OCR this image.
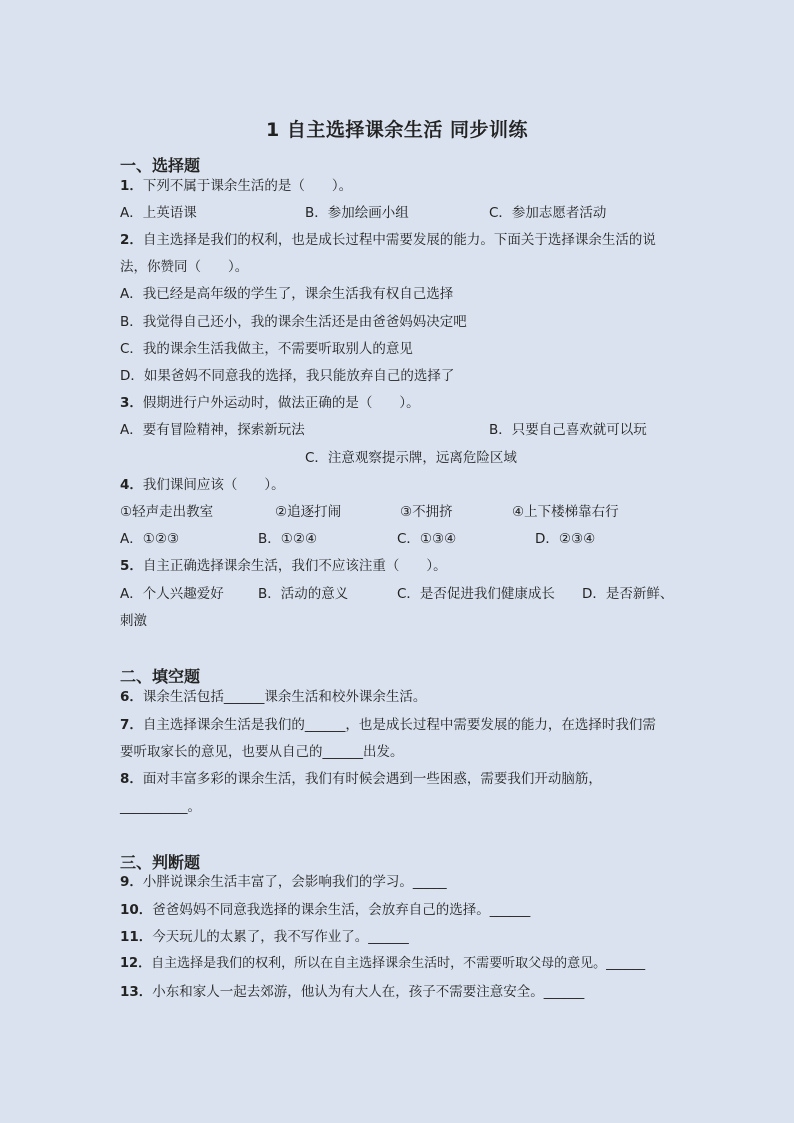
1 自主选择课余生活 同步训练
一、选择题
1．下列不属于课余生活的是（　　）。
A．上英语课	B．参加绘画小组	C．参加志愿者活动
2．自主选择是我们的权利，也是成长过程中需要发展的能力。下面关于选择课余生活的说
法，你赞同（　　）。
A．我已经是高年级的学生了，课余生活我有权自己选择
B．我觉得自己还小，我的课余生活还是由爸爸妈妈决定吧
C．我的课余生活我做主，不需要听取别人的意见
D．如果爸妈不同意我的选择，我只能放弃自己的选择了
3．假期进行户外运动时，做法正确的是（　　）。
A．要有冒险精神，探索新玩法	B．只要自己喜欢就可以玩
C．注意观察提示牌，远离危险区域
4．我们课间应该（　　）。
①轻声走出教室	②追逐打闹	③不拥挤	④上下楼梯靠右行
A．①②③	B．①②④	C．①③④	D．②③④
5．自主正确选择课余生活，我们不应该注重（　　）。
A．个人兴趣爱好	B．活动的意义	C．是否促进我们健康成长 D．是否新鲜、
刺激
二、填空题
6．课余生活包括______课余生活和校外课余生活。
7．自主选择课余生活是我们的______，也是成长过程中需要发展的能力，在选择时我们需
要听取家长的意见，也要从自己的______出发。
8．面对丰富多彩的课余生活，我们有时候会遇到一些困惑，需要我们开动脑筋，
__________。
三、判断题
9．小胖说课余生活丰富了，会影响我们的学习。_____
10．爸爸妈妈不同意我选择的课余生活，会放弃自己的选择。______
11．今天玩儿的太累了，我不写作业了。______
12．自主选择是我们的权利，所以在自主选择课余生活时，不需要听取父母的意见。______
13．小东和家人一起去郊游，他认为有大人在，孩子不需要注意安全。______
